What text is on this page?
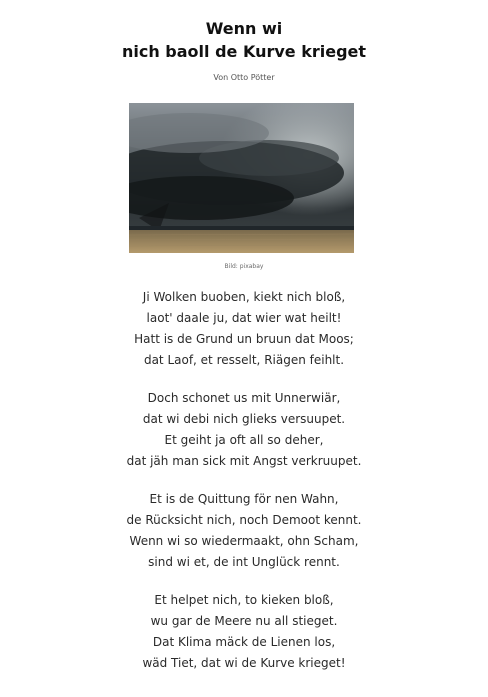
Wenn wi
nich baoll de Kurve krieget
Von Otto Pötter
Bild: pixabay
Ji Wolken buoben, kiekt nich bloß,
laot' daale ju, dat wier wat heilt!
Hatt is de Grund un bruun dat Moos;
dat Laof, et resselt, Riägen feihlt.
Doch schonet us mit Unnerwiär,
dat wi debi nich glieks versuupet.
Et geiht ja oft all so deher,
dat jäh man sick mit Angst verkruupet.
Et is de Quittung för nen Wahn,
de Rücksicht nich, noch Demoot kennt.
Wenn wi so wiedermaakt, ohn Scham,
sind wi et, de int Unglück rennt.
Et helpet nich, to kieken bloß,
wu gar de Meere nu all stieget.
Dat Klima mäck de Lienen los,
wäd Tiet, dat wi de Kurve krieget!
